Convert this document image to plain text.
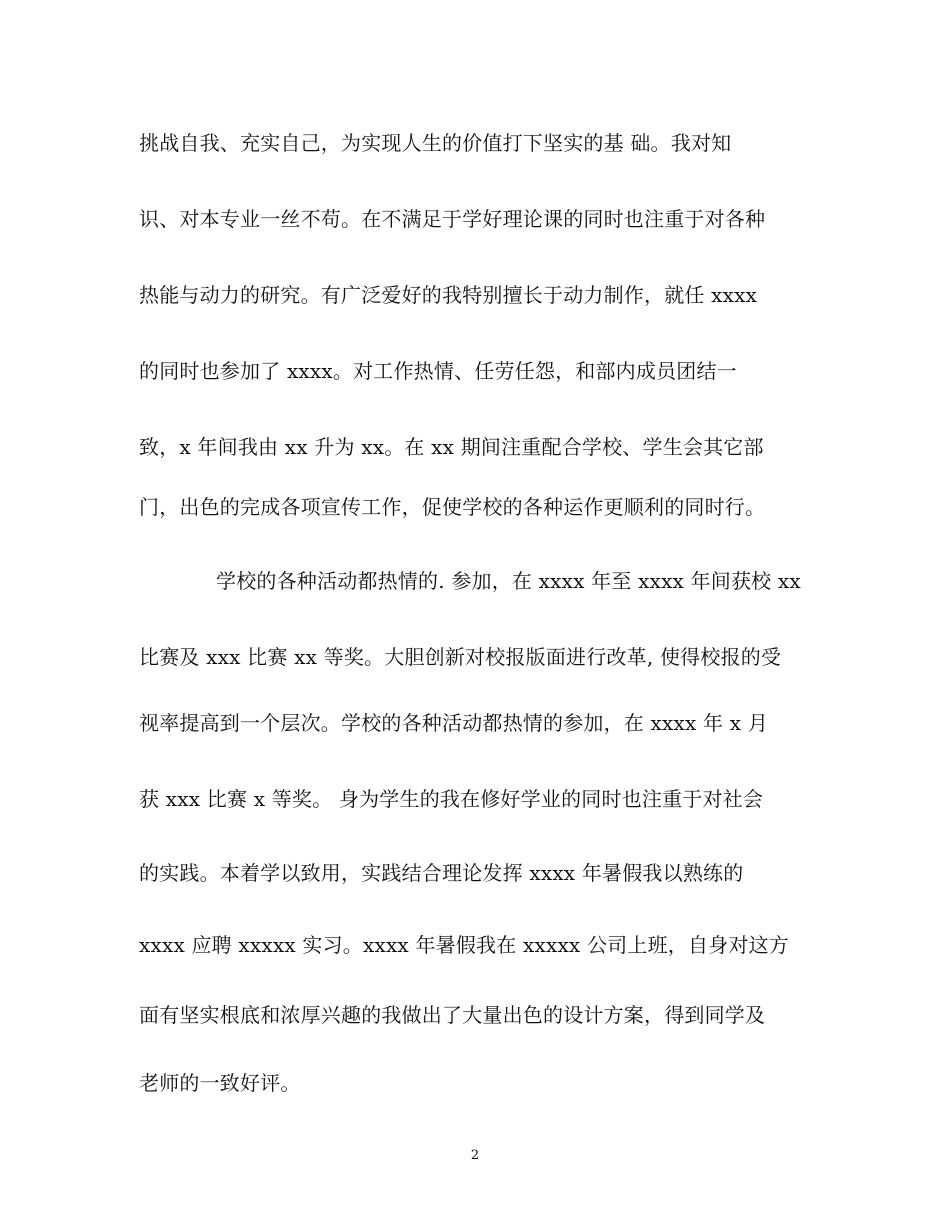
挑战自我、充实自己，为实现人生的价值打下坚实的基 础。我对知
识、对本专业一丝不苟。在不满足于学好理论课的同时也注重于对各种
热能与动力的研究。有广泛爱好的我特别擅长于动力制作，就任 xxxx
的同时也参加了 xxxx。对工作热情、任劳任怨，和部内成员团结一
致，x 年间我由 xx 升为 xx。在 xx 期间注重配合学校、学生会其它部
门，出色的完成各项宣传工作，促使学校的各种运作更顺利的同时行。
学校的各种活动都热情的. 参加，在 xxxx 年至 xxxx 年间获校 xx
比赛及 xxx 比赛 xx 等奖。大胆创新对校报版面进行改革, 使得校报的受
视率提高到一个层次。学校的各种活动都热情的参加，在 xxxx 年 x 月
获 xxx 比赛 x 等奖。 身为学生的我在修好学业的同时也注重于对社会
的实践。本着学以致用，实践结合理论发挥 xxxx 年暑假我以熟练的
xxxx 应聘 xxxxx 实习。xxxx 年暑假我在 xxxxx 公司上班，自身对这方
面有坚实根底和浓厚兴趣的我做出了大量出色的设计方案，得到同学及
老师的一致好评。
2
